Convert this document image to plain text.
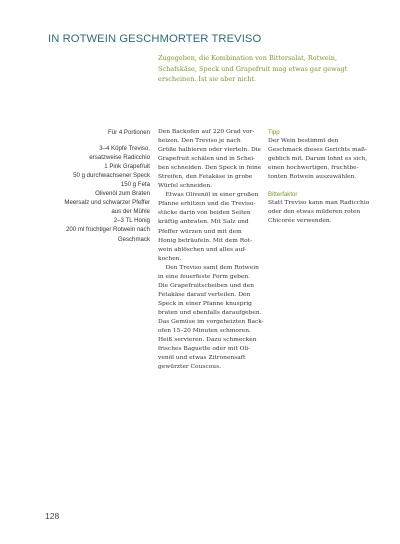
IN ROTWEIN GESCHMORTER TREVISO
Zugegeben, die Kombination von Bittersalat, Rotwein,
Schafskäse, Speck und Grapefruit mag etwas gar gewagt
erscheinen. Ist sie aber nicht.
Für 4 Portionen
3–4 Köpfe Treviso,
ersatzweise Radicchio
1 Pink Grapefruit
50 g durchwachsener Speck
150 g Feta
Olivenöl zum Braten
Meersalz und schwarzer Pfeffer
aus der Mühle
2–3 TL Honig
200 ml fruchtiger Rotwein nach
Geschmack
Den Backofen auf 220 Grad vor-
heizen. Den Treviso je nach
Größe halbieren oder vierteln. Die
Grapefruit schälen und in Schei-
ben schneiden. Den Speck in feine
Streifen, den Fetakäse in grobe
Würfel schneiden.
Etwas Olivenöl in einer großen
Pfanne erhitzen und die Treviso-
stücke darin von beiden Seiten
kräftig anbraten. Mit Salz und
Pfeffer würzen und mit dem
Honig beträufeln. Mit dem Rot-
wein ablöschen und alles auf-
kochen.
Den Treviso samt dem Rotwein
in eine feuerfeste Form geben.
Die Grapefruitscheiben und den
Fetakäse darauf verteilen. Den
Speck in einer Pfanne knusprig
braten und ebenfalls daraufgeben.
Das Gemüse im vorgeheizten Back-
ofen 15–20 Minuten schmoren.
Heiß servieren. Dazu schmecken
frisches Baguette oder mit Oli-
venöl und etwas Zitronensaft
gewürzter Couscous.
Tipp
Der Wein bestimmt den
Geschmack dieses Gerichts maß-
geblich mit. Darum lohnt es sich,
einen hochwertigen, fruchtbe-
tonten Rotwein auszuwählen.
Bitterfaktor
Statt Treviso kann man Radicchio
oder den etwas milderen roten
Chicorée verwenden.
128
